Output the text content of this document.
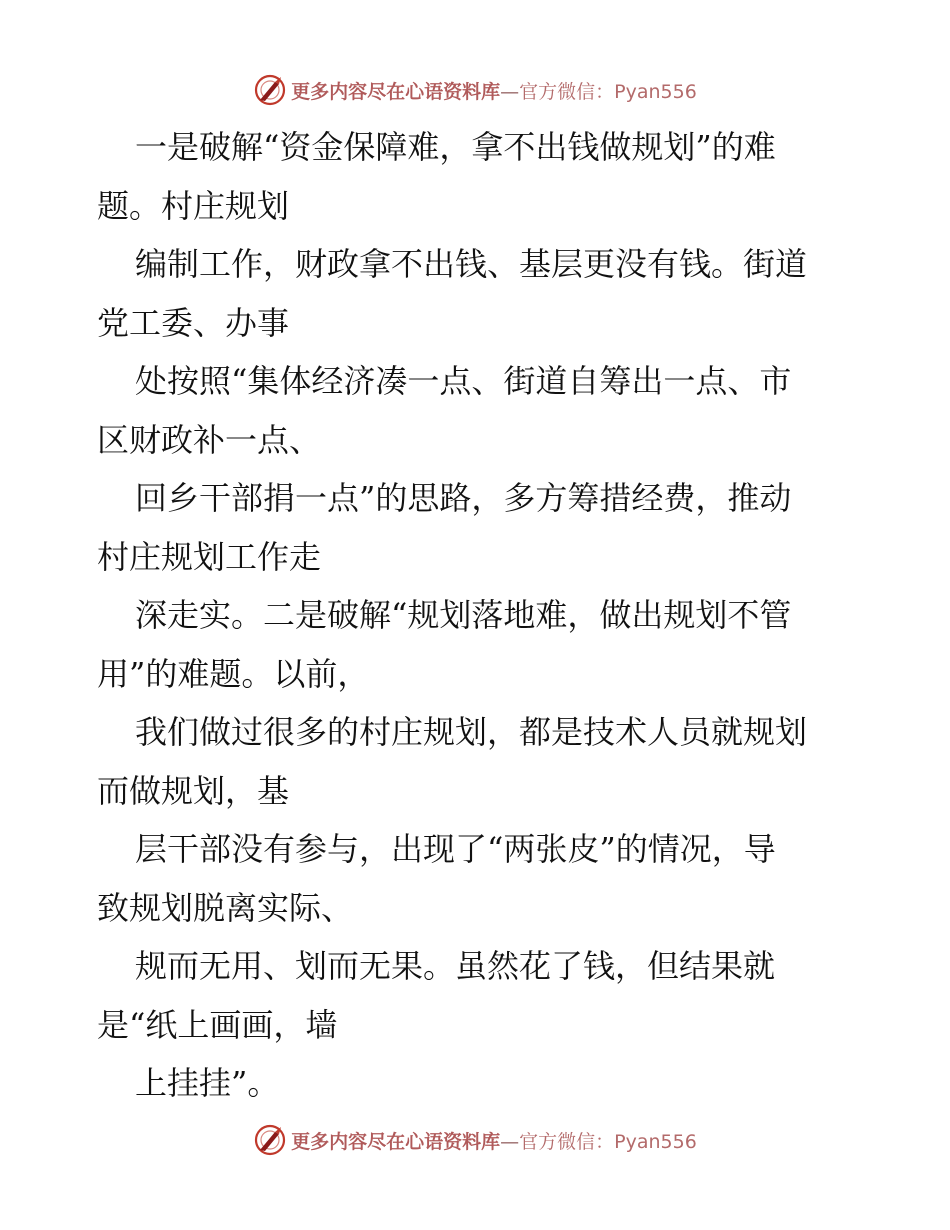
更多内容尽在心语资料库—官方微信：Pyan556
一是破解“资金保障难，拿不出钱做规划”的难
题。村庄规划
编制工作，财政拿不出钱、基层更没有钱。街道
党工委、办事
处按照“集体经济凑一点、街道自筹出一点、市
区财政补一点、
回乡干部捐一点”的思路，多方筹措经费，推动
村庄规划工作走
深走实。二是破解“规划落地难，做出规划不管
用”的难题。以前，
我们做过很多的村庄规划，都是技术人员就规划
而做规划，基
层干部没有参与，出现了“两张皮”的情况，导
致规划脱离实际、
规而无用、划而无果。虽然花了钱，但结果就
是“纸上画画，墙
上挂挂”。
更多内容尽在心语资料库—官方微信：Pyan556
